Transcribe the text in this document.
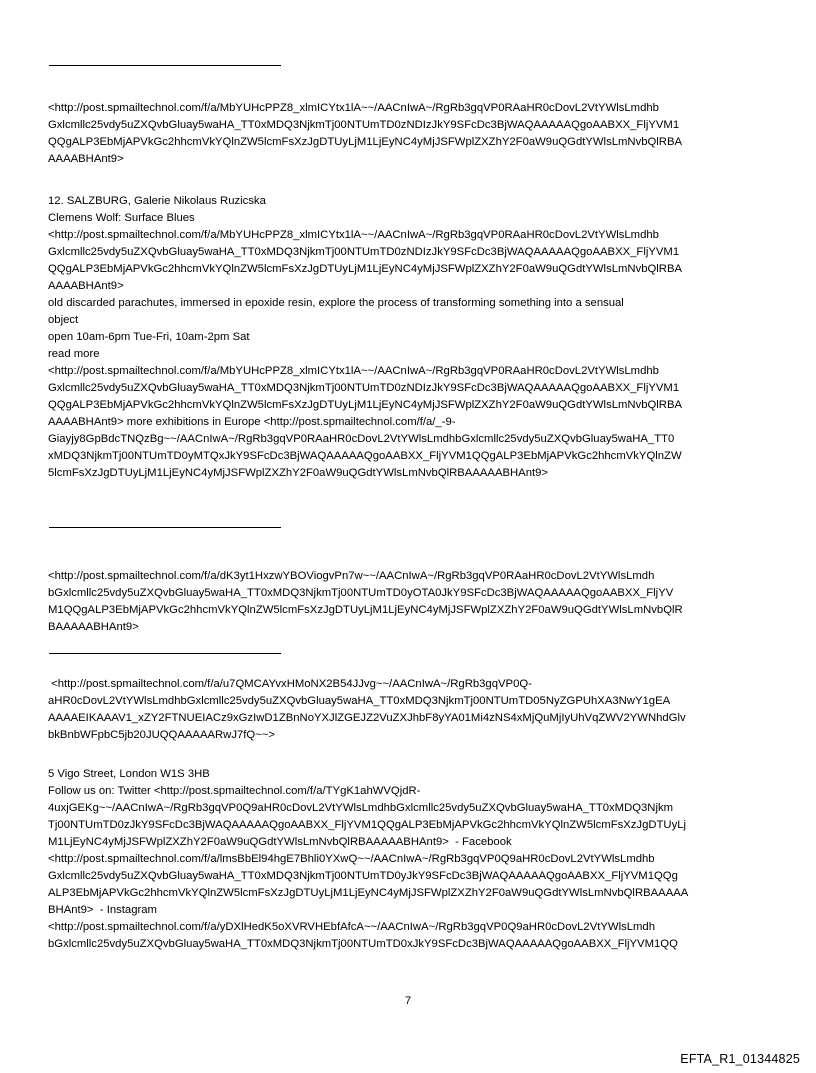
<http://post.spmailtechnol.com/f/a/MbYUHcPPZ8_xlmICYtx1lA~~/AACnIwA~/RgRb3gqVP0RAaHR0cDovL2VtYWlsLmdhb

Gxlcmllc25vdy5uZXQvbGluay5waHA_TT0xMDQ3NjkmTj00NTUmTD0zNDIzJkY9SFcDc3BjWAQAAAAAQgoAABXX_FljYVM1

QQgALP3EbMjAPVkGc2hhcmVkYQlnZW5lcmFsXzJgDTUyLjM1LjEyNC4yMjJSFWplZXZhY2F0aW9uQGdtYWlsLmNvbQlRBA

AAAABHAnt9>

12. SALZBURG, Galerie Nikolaus Ruzicska

Clemens Wolf: Surface Blues

<http://post.spmailtechnol.com/f/a/MbYUHcPPZ8_xlmICYtx1lA~~/AACnIwA~/RgRb3gqVP0RAaHR0cDovL2VtYWlsLmdhb

Gxlcmllc25vdy5uZXQvbGluay5waHA_TT0xMDQ3NjkmTj00NTUmTD0zNDIzJkY9SFcDc3BjWAQAAAAAQgoAABXX_FljYVM1

QQgALP3EbMjAPVkGc2hhcmVkYQlnZW5lcmFsXzJgDTUyLjM1LjEyNC4yMjJSFWplZXZhY2F0aW9uQGdtYWlsLmNvbQlRBA

AAAABHAnt9>

old discarded parachutes, immersed in epoxide resin, explore the process of transforming something into a sensual

object

open 10am-6pm Tue-Fri, 10am-2pm Sat

read more

<http://post.spmailtechnol.com/f/a/MbYUHcPPZ8_xlmICYtx1lA~~/AACnIwA~/RgRb3gqVP0RAaHR0cDovL2VtYWlsLmdhb

Gxlcmllc25vdy5uZXQvbGluay5waHA_TT0xMDQ3NjkmTj00NTUmTD0zNDIzJkY9SFcDc3BjWAQAAAAAQgoAABXX_FljYVM1

QQgALP3EbMjAPVkGc2hhcmVkYQlnZW5lcmFsXzJgDTUyLjM1LjEyNC4yMjJSFWplZXZhY2F0aW9uQGdtYWlsLmNvbQlRBA

AAAABHAnt9> more exhibitions in Europe <http://post.spmailtechnol.com/f/a/_-9-

Giayjy8GpBdcTNQzBg~~/AACnIwA~/RgRb3gqVP0RAaHR0cDovL2VtYWlsLmdhbGxlcmllc25vdy5uZXQvbGluay5waHA_TT0

xMDQ3NjkmTj00NTUmTD0yMTQxJkY9SFcDc3BjWAQAAAAAQgoAABXX_FljYVM1QQgALP3EbMjAPVkGc2hhcmVkYQlnZW

5lcmFsXzJgDTUyLjM1LjEyNC4yMjJSFWplZXZhY2F0aW9uQGdtYWlsLmNvbQlRBAAAAABHAnt9>

<http://post.spmailtechnol.com/f/a/dK3yt1HxzwYBOViogvPn7w~~/AACnIwA~/RgRb3gqVP0RAaHR0cDovL2VtYWlsLmdh

bGxlcmllc25vdy5uZXQvbGluay5waHA_TT0xMDQ3NjkmTj00NTUmTD0yOTA0JkY9SFcDc3BjWAQAAAAAQgoAABXX_FljYV

M1QQgALP3EbMjAPVkGc2hhcmVkYQlnZW5lcmFsXzJgDTUyLjM1LjEyNC4yMjJSFWplZXZhY2F0aW9uQGdtYWlsLmNvbQlR

BAAAAABHAnt9>

<http://post.spmailtechnol.com/f/a/u7QMCAYvxHMoNX2B54JJvg~~/AACnIwA~/RgRb3gqVP0Q-

aHR0cDovL2VtYWlsLmdhbGxlcmllc25vdy5uZXQvbGluay5waHA_TT0xMDQ3NjkmTj00NTUmTD05NyZGPUhXA3NwY1gEA

AAAAEIKAAAV1_xZY2FTNUEIACz9xGzIwD1ZBnNoYXJlZGEJZ2VuZXJhbF8yYA01Mi4zNS4xMjQuMjIyUhVqZWV2YWNhdGlv

bkBnbWFpbC5jb20JUQQAAAAARwJ7fQ~~>

5 Vigo Street, London W1S 3HB

Follow us on: Twitter <http://post.spmailtechnol.com/f/a/TYgK1ahWVQjdR-

4uxjGEKg~~/AACnIwA~/RgRb3gqVP0Q9aHR0cDovL2VtYWlsLmdhbGxlcmllc25vdy5uZXQvbGluay5waHA_TT0xMDQ3Njkm

Tj00NTUmTD0zJkY9SFcDc3BjWAQAAAAAQgoAABXX_FljYVM1QQgALP3EbMjAPVkGc2hhcmVkYQlnZW5lcmFsXzJgDTUyLj

M1LjEyNC4yMjJSFWplZXZhY2F0aW9uQGdtYWlsLmNvbQlRBAAAAABHAnt9>  - Facebook

<http://post.spmailtechnol.com/f/a/lmsBbEl94hgE7Bhli0YXwQ~~/AACnIwA~/RgRb3gqVP0Q9aHR0cDovL2VtYWlsLmdhb

Gxlcmllc25vdy5uZXQvbGluay5waHA_TT0xMDQ3NjkmTj00NTUmTD0yJkY9SFcDc3BjWAQAAAAAQgoAABXX_FljYVM1QQg

ALP3EbMjAPVkGc2hhcmVkYQlnZW5lcmFsXzJgDTUyLjM1LjEyNC4yMjJSFWplZXZhY2F0aW9uQGdtYWlsLmNvbQlRBAAAAA

BHAnt9>  - Instagram

<http://post.spmailtechnol.com/f/a/yDXlHedK5oXVRVHEbfAfcA~~/AACnIwA~/RgRb3gqVP0Q9aHR0cDovL2VtYWlsLmdh

bGxlcmllc25vdy5uZXQvbGluay5waHA_TT0xMDQ3NjkmTj00NTUmTD0xJkY9SFcDc3BjWAQAAAAAQgoAABXX_FljYVM1QQ

7
EFTA_R1_01344825
